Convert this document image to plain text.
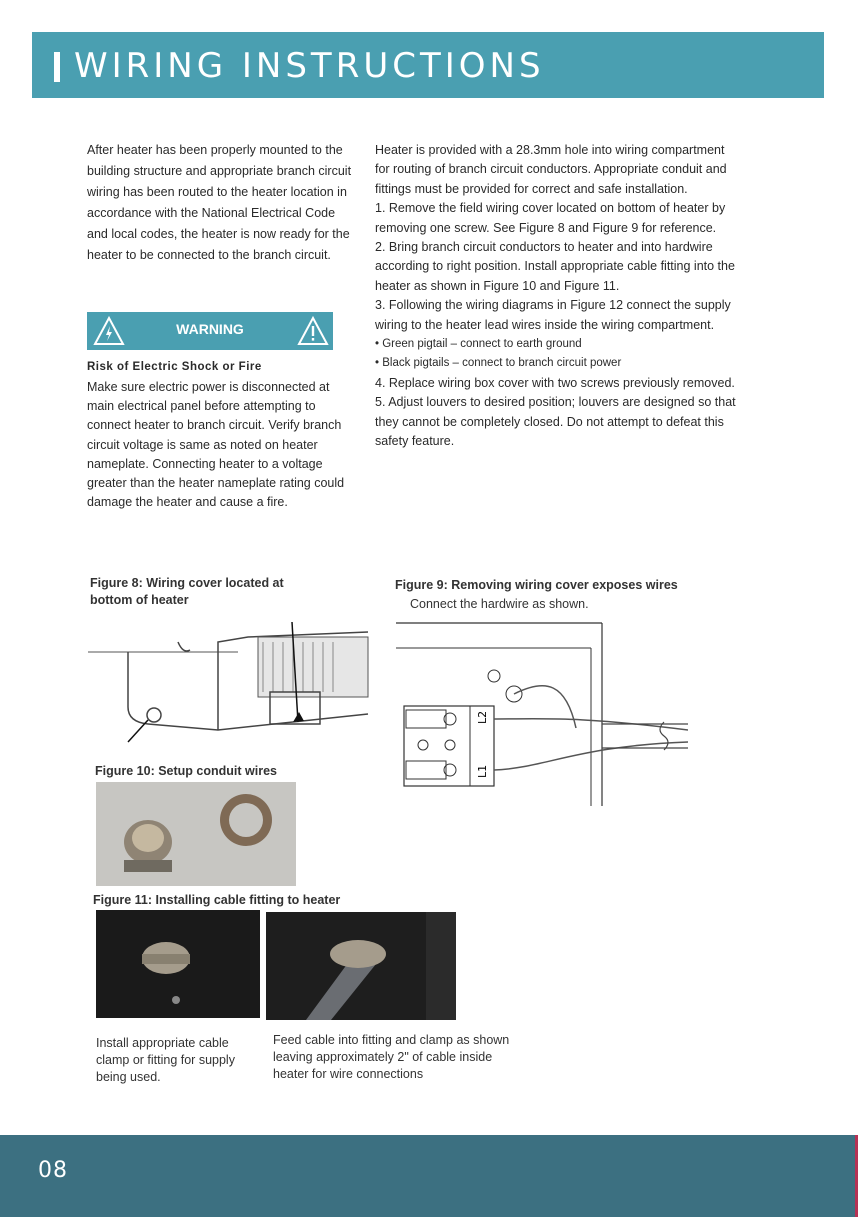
WIRING INSTRUCTIONS

After heater has been properly mounted to the building structure and appropriate branch circuit wiring has been routed to the heater location in accordance with the National Electrical Code and local codes, the heater is now ready for the heater to be connected to the branch circuit.

WARNING
Risk of Electric Shock or Fire
Make sure electric power is disconnected at main electrical panel before attempting to connect heater to branch circuit. Verify branch circuit voltage is same as noted on heater nameplate. Connecting heater to a voltage greater than the heater nameplate rating could damage the heater and cause a fire.

Heater is provided with a 28.3mm hole into wiring compartment for routing of branch circuit conductors. Appropriate conduit and fittings must be provided for correct and safe installation.

1. Remove the field wiring cover located on bottom of heater by removing one screw. See Figure 8 and Figure 9 for reference.

2. Bring branch circuit conductors to heater and into hardwire according to right position. Install appropriate cable fitting into the heater as shown in Figure 10 and Figure 11.

3. Following the wiring diagrams in Figure 12 connect the supply wiring to the heater lead wires inside the wiring compartment.

• Green pigtail – connect to earth ground

• Black pigtails – connect to branch circuit power

4. Replace wiring box cover with two screws previously removed.

5. Adjust louvers to desired position; louvers are designed so that they cannot be completely closed. Do not attempt to defeat this safety feature.

Figure 8: Wiring cover located at bottom of heater
Figure 9: Removing wiring cover exposes wires
Connect the hardwire as shown.
L2
L1
Figure 10: Setup conduit wires
Figure 11: Installing cable fitting to heater
Install appropriate cable clamp or fitting for supply being used.
Feed cable into fitting and clamp as shown leaving approximately 2" of cable inside heater for wire connections
08
